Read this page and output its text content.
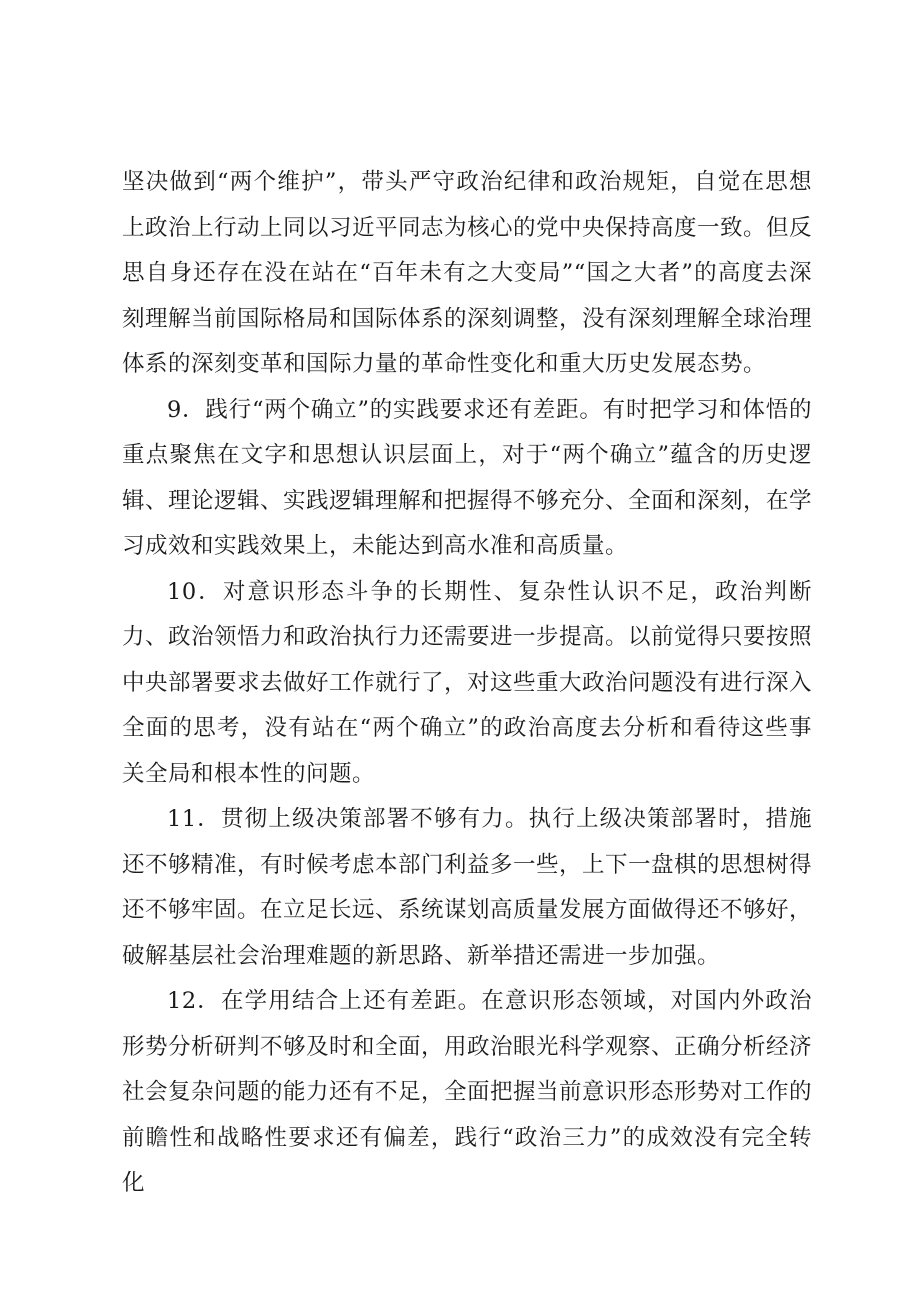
坚决做到“两个维护”，带头严守政治纪律和政治规矩，自觉在思想上政治上行动上同以习近平同志为核心的党中央保持高度一致。但反思自身还存在没在站在“百年未有之大变局”“国之大者”的高度去深刻理解当前国际格局和国际体系的深刻调整，没有深刻理解全球治理体系的深刻变革和国际力量的革命性变化和重大历史发展态势。

9．践行“两个确立”的实践要求还有差距。有时把学习和体悟的重点聚焦在文字和思想认识层面上，对于“两个确立”蕴含的历史逻辑、理论逻辑、实践逻辑理解和把握得不够充分、全面和深刻，在学习成效和实践效果上，未能达到高水准和高质量。

10．对意识形态斗争的长期性、复杂性认识不足，政治判断力、政治领悟力和政治执行力还需要进一步提高。以前觉得只要按照中央部署要求去做好工作就行了，对这些重大政治问题没有进行深入全面的思考，没有站在“两个确立”的政治高度去分析和看待这些事关全局和根本性的问题。

11．贯彻上级决策部署不够有力。执行上级决策部署时，措施还不够精准，有时候考虑本部门利益多一些，上下一盘棋的思想树得还不够牢固。在立足长远、系统谋划高质量发展方面做得还不够好，破解基层社会治理难题的新思路、新举措还需进一步加强。

12．在学用结合上还有差距。在意识形态领域，对国内外政治形势分析研判不够及时和全面，用政治眼光科学观察、正确分析经济社会复杂问题的能力还有不足，全面把握当前意识形态形势对工作的前瞻性和战略性要求还有偏差，践行“政治三力”的成效没有完全转化
